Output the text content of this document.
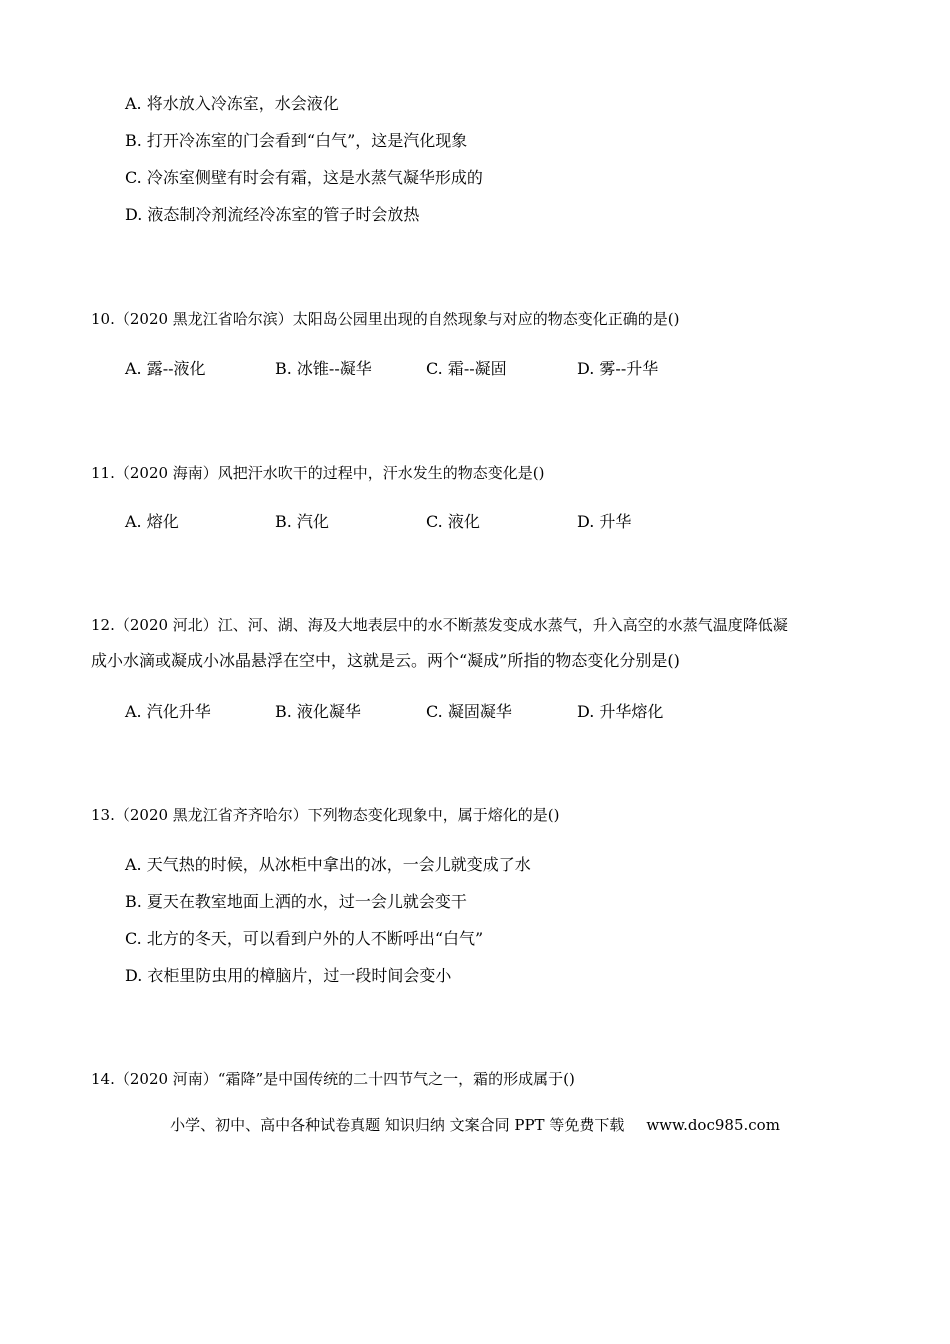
A. 将水放入冷冻室，水会液化
B. 打开冷冻室的门会看到“白气”，这是汽化现象
C. 冷冻室侧壁有时会有霜，这是水蒸气凝华形成的
D. 液态制冷剂流经冷冻室的管子时会放热
10.（2020 黑龙江省哈尔滨）太阳岛公园里出现的自然现象与对应的物态变化正确的是()
A. 露--液化	B. 冰锥--凝华	C. 霜--凝固	D. 雾--升华
11.（2020 海南）风把汗水吹干的过程中，汗水发生的物态变化是()
A. 熔化	B. 汽化	C. 液化	D. 升华
12.（2020 河北）江、河、湖、海及大地表层中的水不断蒸发变成水蒸气，升入高空的水蒸气温度降低凝
成小水滴或凝成小冰晶悬浮在空中，这就是云。两个“凝成”所指的物态变化分别是()
A. 汽化升华	B. 液化凝华	C. 凝固凝华	D. 升华熔化
13.（2020 黑龙江省齐齐哈尔）下列物态变化现象中，属于熔化的是()
A. 天气热的时候，从冰柜中拿出的冰，一会儿就变成了水
B. 夏天在教室地面上洒的水，过一会儿就会变干
C. 北方的冬天，可以看到户外的人不断呼出“白气”
D. 衣柜里防虫用的樟脑片，过一段时间会变小
14.（2020 河南）“霜降”是中国传统的二十四节气之一，霜的形成属于()
小学、初中、高中各种试卷真题 知识归纳 文案合同 PPT 等免费下载 www.doc985.com
